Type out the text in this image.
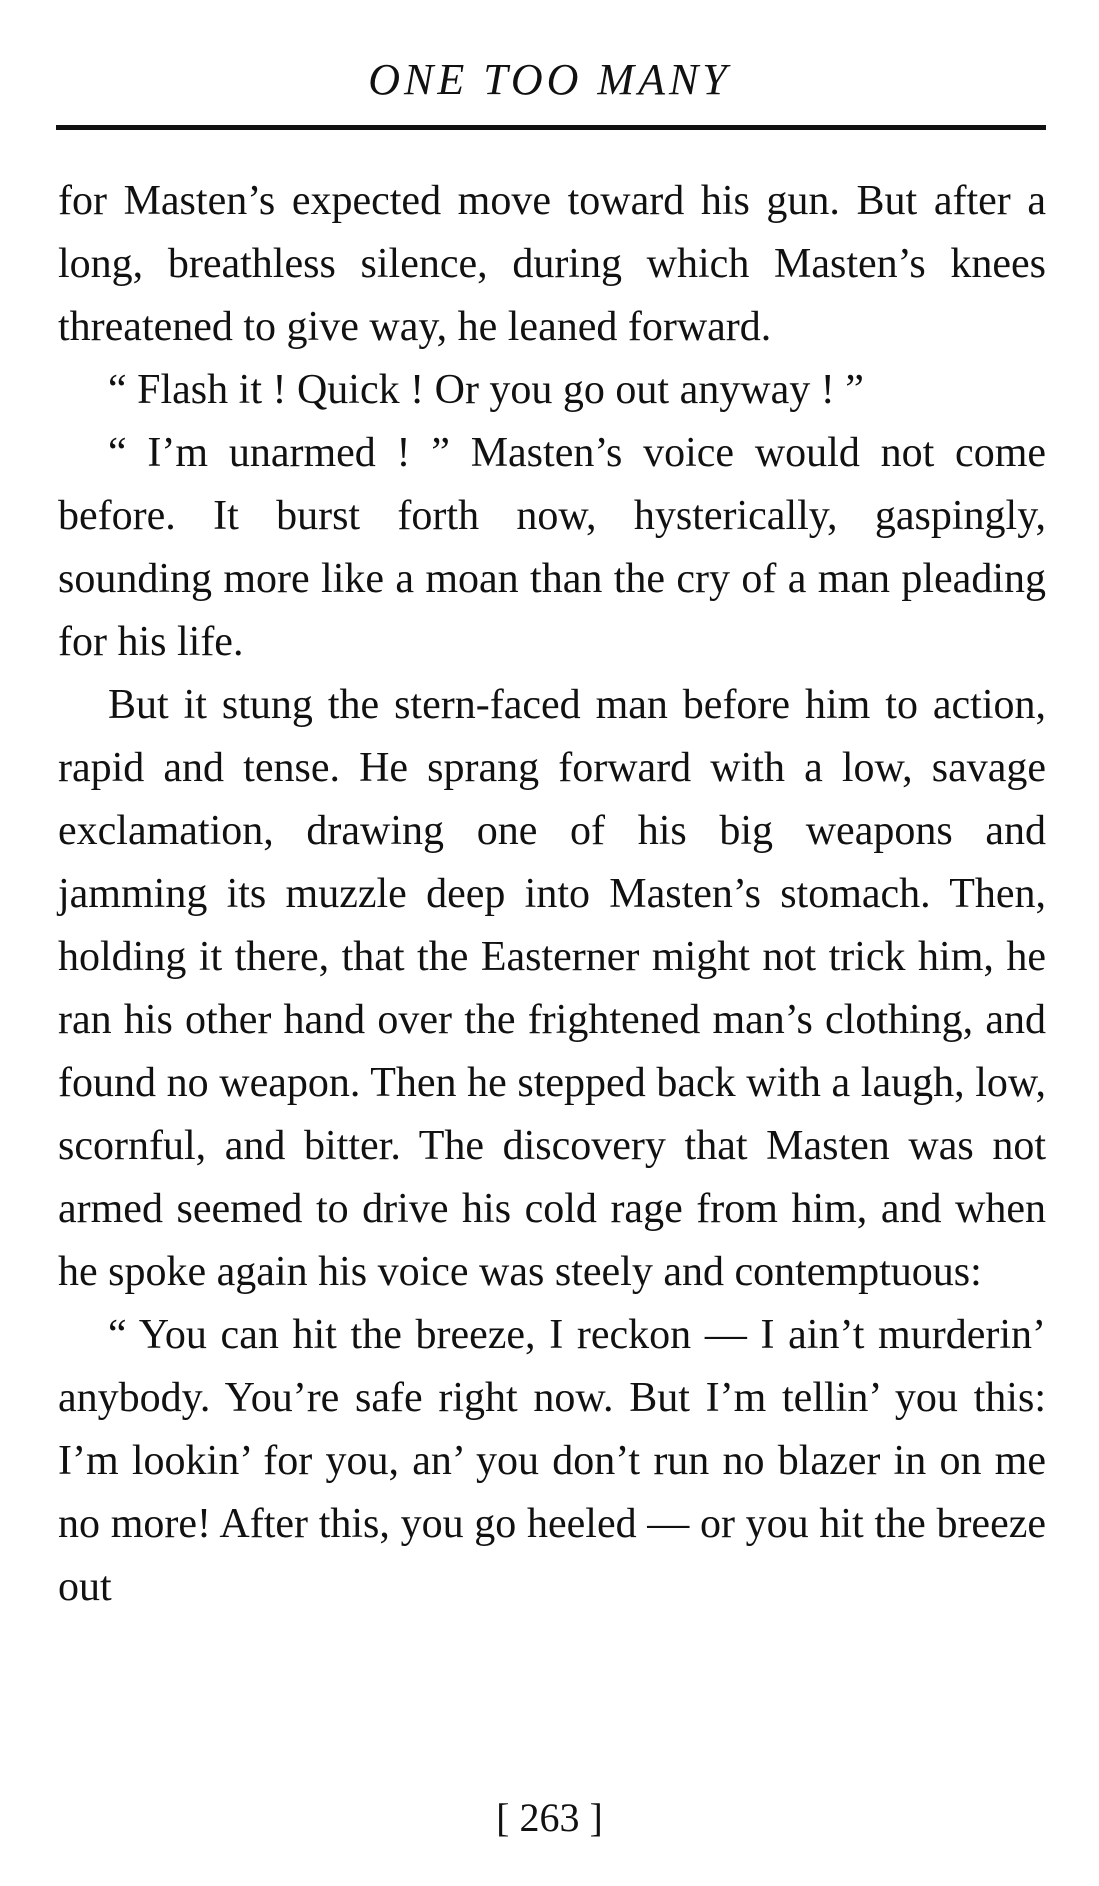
ONE TOO MANY

for Masten’s expected move toward his gun. But after a long, breathless silence, during which Masten’s knees threatened to give way, he leaned forward.

“ Flash it ! Quick ! Or you go out anyway ! ”

“ I’m unarmed ! ” Masten’s voice would not come before. It burst forth now, hysterically, gaspingly, sounding more like a moan than the cry of a man pleading for his life.

But it stung the stern-faced man before him to action, rapid and tense. He sprang forward with a low, savage exclamation, drawing one of his big weapons and jamming its muzzle deep into Masten’s stomach. Then, holding it there, that the Easterner might not trick him, he ran his other hand over the frightened man’s clothing, and found no weapon. Then he stepped back with a laugh, low, scornful, and bitter. The discovery that Masten was not armed seemed to drive his cold rage from him, and when he spoke again his voice was steely and contemptuous:

“ You can hit the breeze, I reckon — I ain’t murderin’ anybody. You’re safe right now. But I’m tellin’ you this: I’m lookin’ for you, an’ you don’t run no blazer in on me no more! After this, you go heeled — or you hit the breeze out

[ 263 ]
